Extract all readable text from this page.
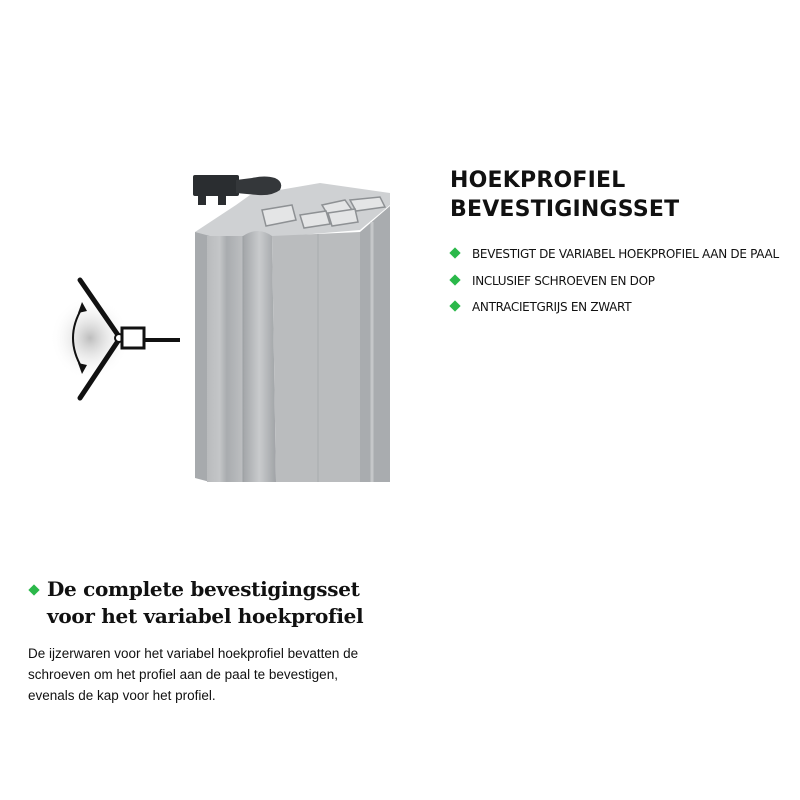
HOEKPROFIEL
BEVESTIGINGSSET
BEVESTIGT DE VARIABEL HOEKPROFIEL AAN DE PAAL
INCLUSIEF SCHROEVEN EN DOP
ANTRACIETGRIJS EN ZWART
De complete bevestigingsset
voor het variabel hoekprofiel

De ijzerwaren voor het variabel hoekprofiel bevatten de
schroeven om het profiel aan de paal te bevestigen,
evenals de kap voor het profiel.
